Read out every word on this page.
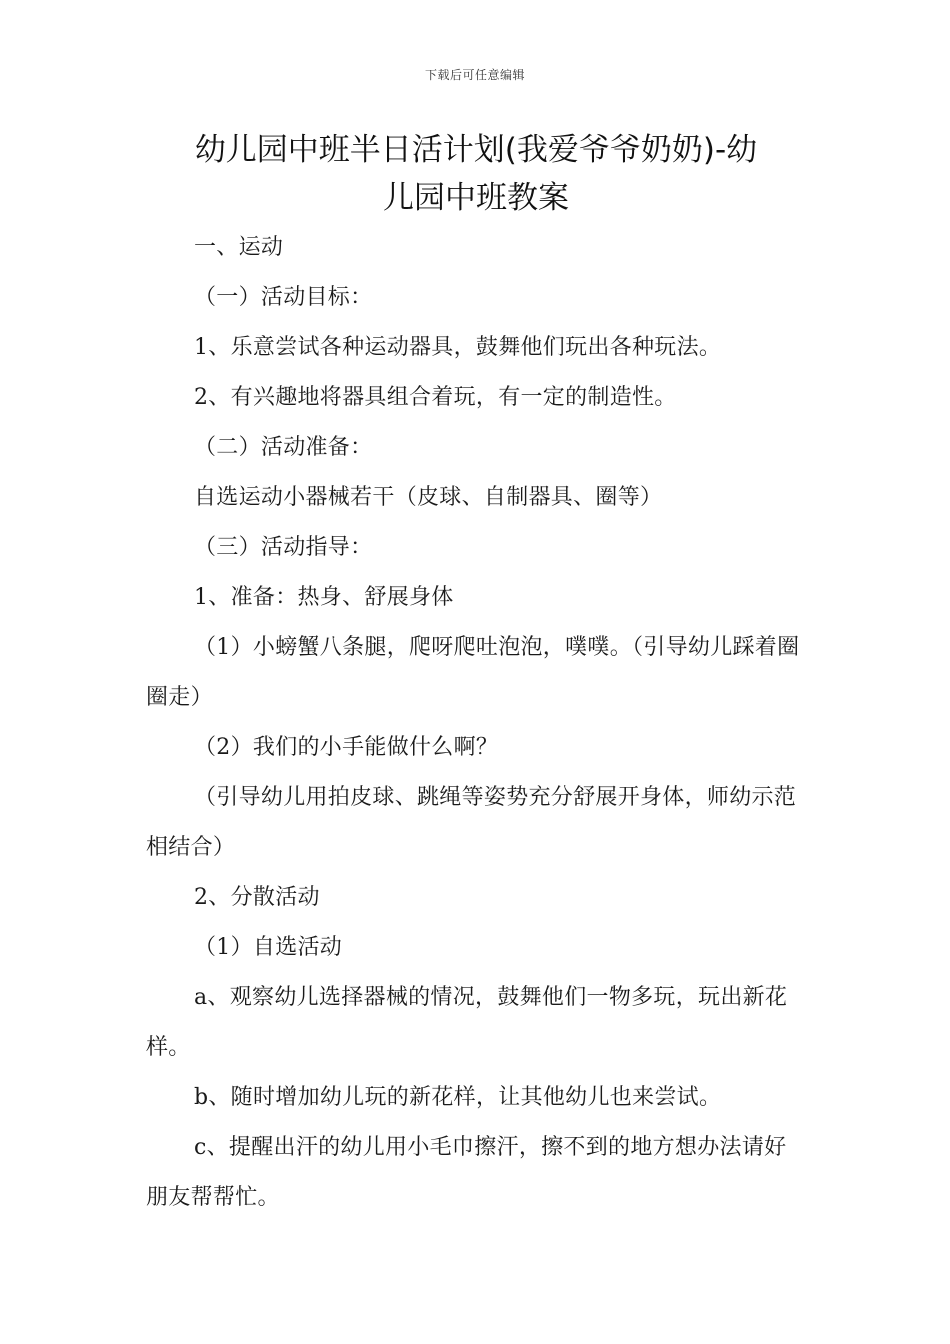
下载后可任意编辑
幼儿园中班半日活计划(我爱爷爷奶奶)-幼
儿园中班教案

一、运动

（一）活动目标：

1、乐意尝试各种运动器具，鼓舞他们玩出各种玩法。

2、有兴趣地将器具组合着玩，有一定的制造性。

（二）活动准备：

自选运动小器械若干（皮球、自制器具、圈等）

（三）活动指导：

1、准备：热身、舒展身体

（1）小螃蟹八条腿，爬呀爬吐泡泡，噗噗。（引导幼儿踩着圈圈走）

（2）我们的小手能做什么啊？

（引导幼儿用拍皮球、跳绳等姿势充分舒展开身体，师幼示范相结合）

2、分散活动

（1）自选活动

a、观察幼儿选择器械的情况，鼓舞他们一物多玩，玩出新花样。

b、随时增加幼儿玩的新花样，让其他幼儿也来尝试。

c、提醒出汗的幼儿用小毛巾擦汗，擦不到的地方想办法请好朋友帮帮忙。
